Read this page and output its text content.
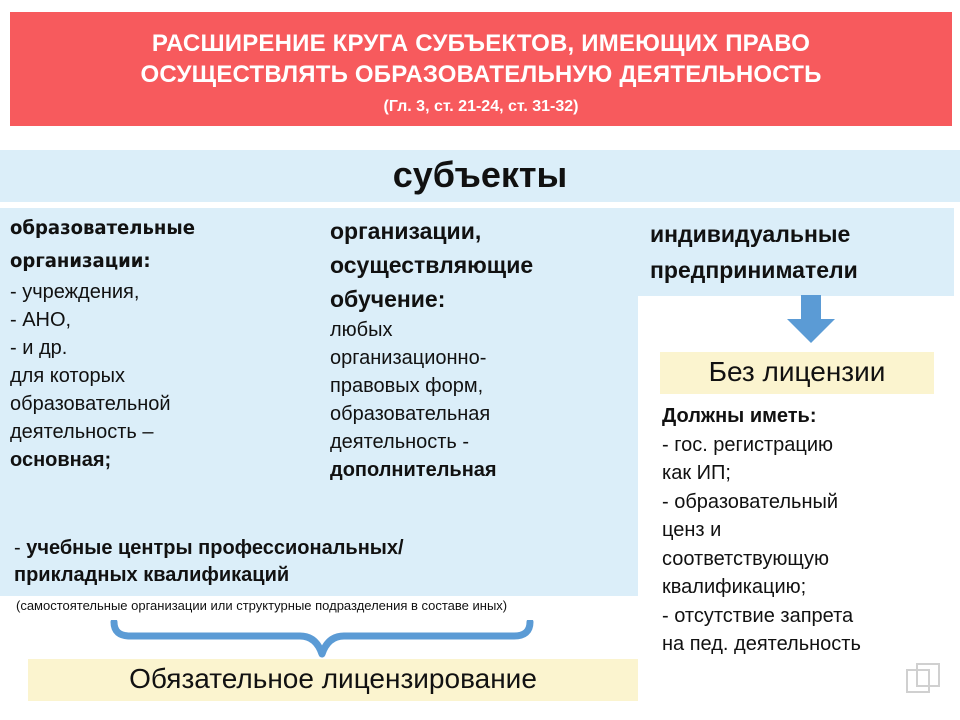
РАСШИРЕНИЕ КРУГА СУБЪЕКТОВ, ИМЕЮЩИХ ПРАВО
ОСУЩЕСТВЛЯТЬ ОБРАЗОВАТЕЛЬНУЮ ДЕЯТЕЛЬНОСТЬ
(Гл. 3, ст. 21-24, ст. 31-32)
субъекты
образовательные
организации:
- учреждения,
- АНО,
- и др.
для которых
образовательной
деятельность –
основная;
организации,
осуществляющие
обучение:
любых
организационно-
правовых форм,
образовательная
деятельность -
дополнительная
индивидуальные
предприниматели
Без лицензии
Должны иметь:
- гос. регистрацию
как ИП;
- образовательный
ценз и
соответствующую
квалификацию;
- отсутствие запрета
на пед. деятельность
- учебные центры профессиональных/
прикладных квалификаций
(самостоятельные организации или структурные подразделения в составе иных)
Обязательное лицензирование
